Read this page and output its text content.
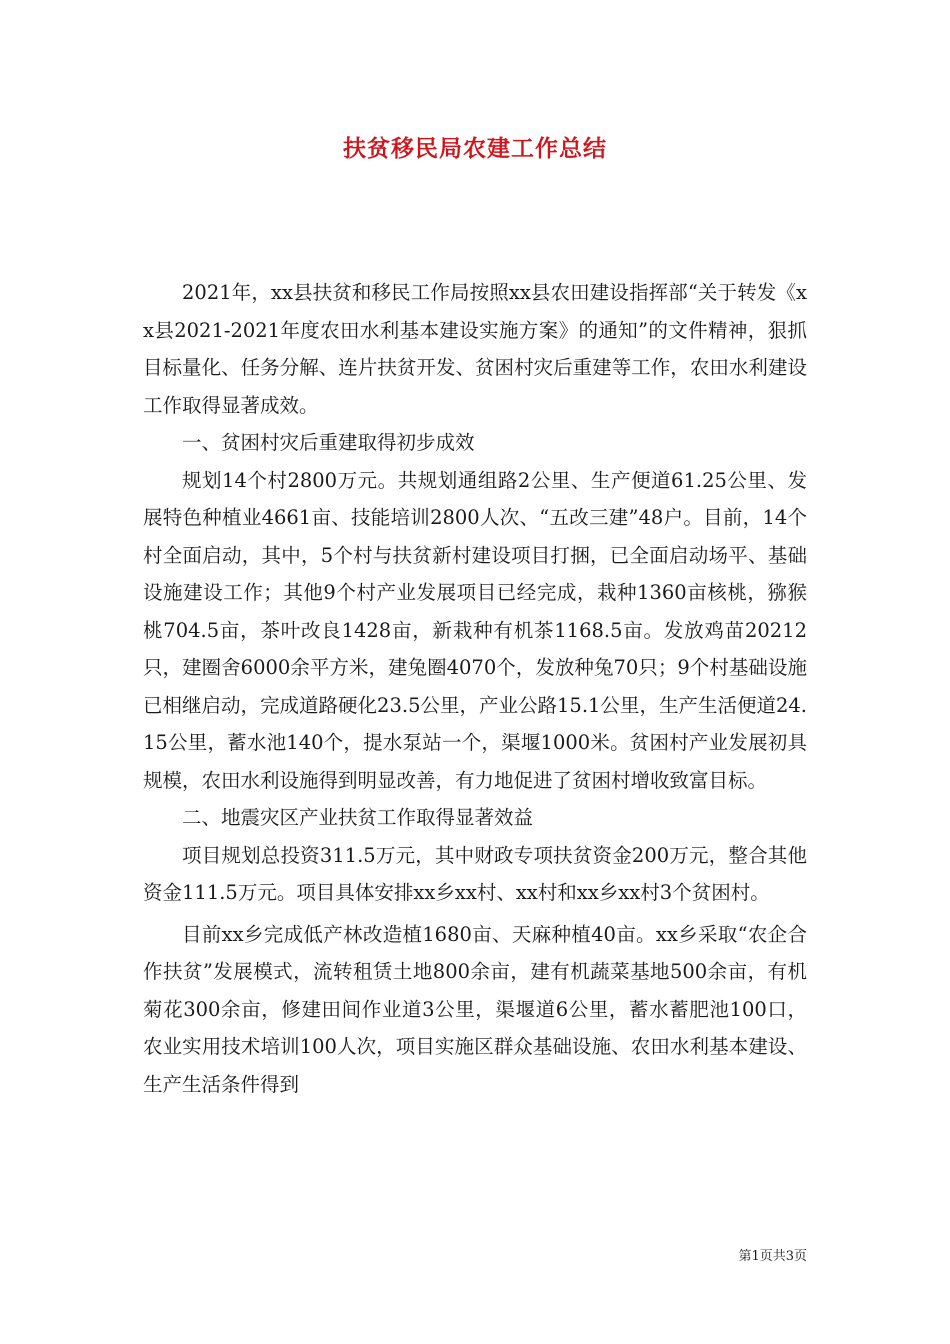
扶贫移民局农建工作总结

2021年，xx县扶贫和移民工作局按照xx县农田建设指挥部“关于转发《xx县2021-2021年度农田水利基本建设实施方案》的通知”的文件精神，狠抓目标量化、任务分解、连片扶贫开发、贫困村灾后重建等工作，农田水利建设工作取得显著成效。

一、贫困村灾后重建取得初步成效

规划14个村2800万元。共规划通组路2公里、生产便道61.25公里、发展特色种植业4661亩、技能培训2800人次、“五改三建”48户。目前，14个村全面启动，其中，5个村与扶贫新村建设项目打捆，已全面启动场平、基础设施建设工作；其他9个村产业发展项目已经完成，栽种1360亩核桃，猕猴桃704.5亩，茶叶改良1428亩，新栽种有机茶1168.5亩。发放鸡苗20212只，建圈舍6000余平方米，建兔圈4070个，发放种兔70只；9个村基础设施已相继启动，完成道路硬化23.5公里，产业公路15.1公里，生产生活便道24.15公里，蓄水池140个，提水泵站一个，渠堰1000米。贫困村产业发展初具规模，农田水利设施得到明显改善，有力地促进了贫困村增收致富目标。

二、地震灾区产业扶贫工作取得显著效益

项目规划总投资311.5万元，其中财政专项扶贫资金200万元，整合其他资金111.5万元。项目具体安排xx乡xx村、xx村和xx乡xx村3个贫困村。

目前xx乡完成低产林改造植1680亩、天麻种植40亩。xx乡采取“农企合作扶贫”发展模式，流转租赁土地800余亩，建有机蔬菜基地500余亩，有机菊花300余亩，修建田间作业道3公里，渠堰道6公里，蓄水蓄肥池100口，农业实用技术培训100人次，项目实施区群众基础设施、农田水利基本建设、生产生活条件得到

第1页共3页
